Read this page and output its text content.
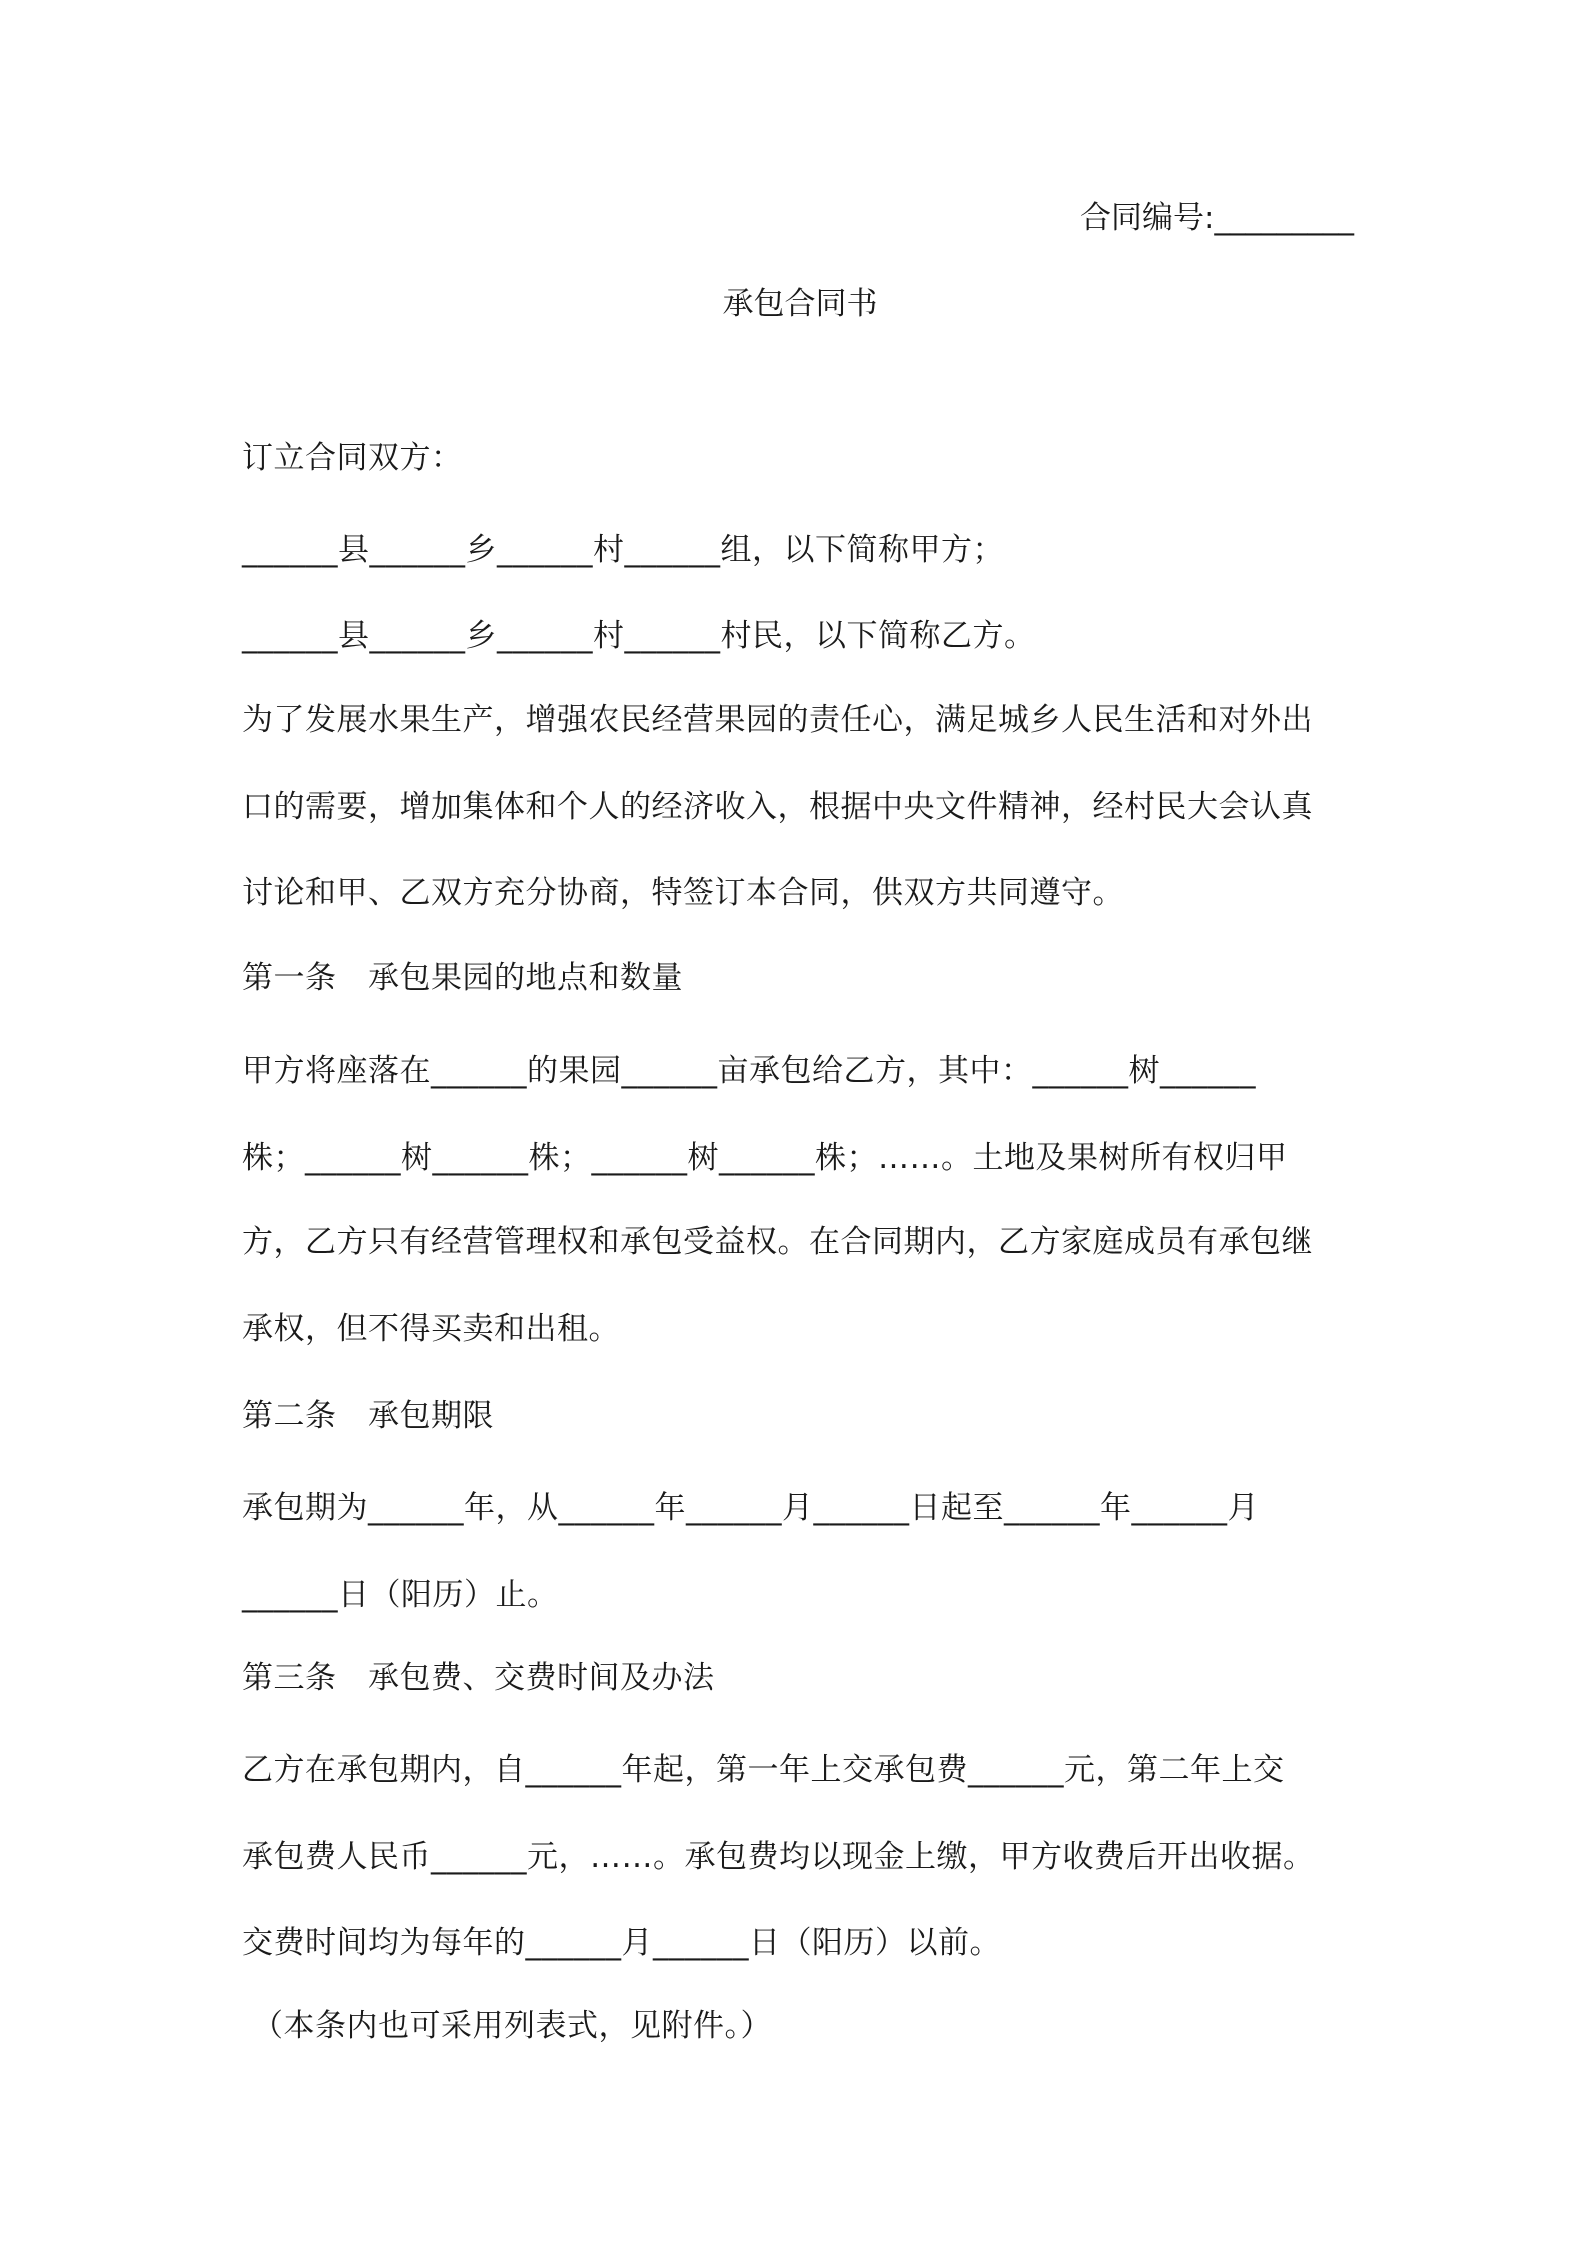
合同编号:_________
承包合同书
订立合同双方：
______县______乡______村______组，以下简称甲方；
______县______乡______村______村民，以下简称乙方。
为了发展水果生产，增强农民经营果园的责任心，满足城乡人民生活和对外出
口的需要，增加集体和个人的经济收入，根据中央文件精神，经村民大会认真
讨论和甲、乙双方充分协商，特签订本合同，供双方共同遵守。
第一条　承包果园的地点和数量
甲方将座落在______的果园______亩承包给乙方，其中：______树______
株；______树______株；______树______株；……。土地及果树所有权归甲
方，乙方只有经营管理权和承包受益权。在合同期内，乙方家庭成员有承包继
承权，但不得买卖和出租。
第二条　承包期限
承包期为______年，从______年______月______日起至______年______月
______日（阳历）止。
第三条　承包费、交费时间及办法
乙方在承包期内，自______年起，第一年上交承包费______元，第二年上交
承包费人民币______元，……。承包费均以现金上缴，甲方收费后开出收据。
交费时间均为每年的______月______日（阳历）以前。
（本条内也可采用列表式，见附件。）
